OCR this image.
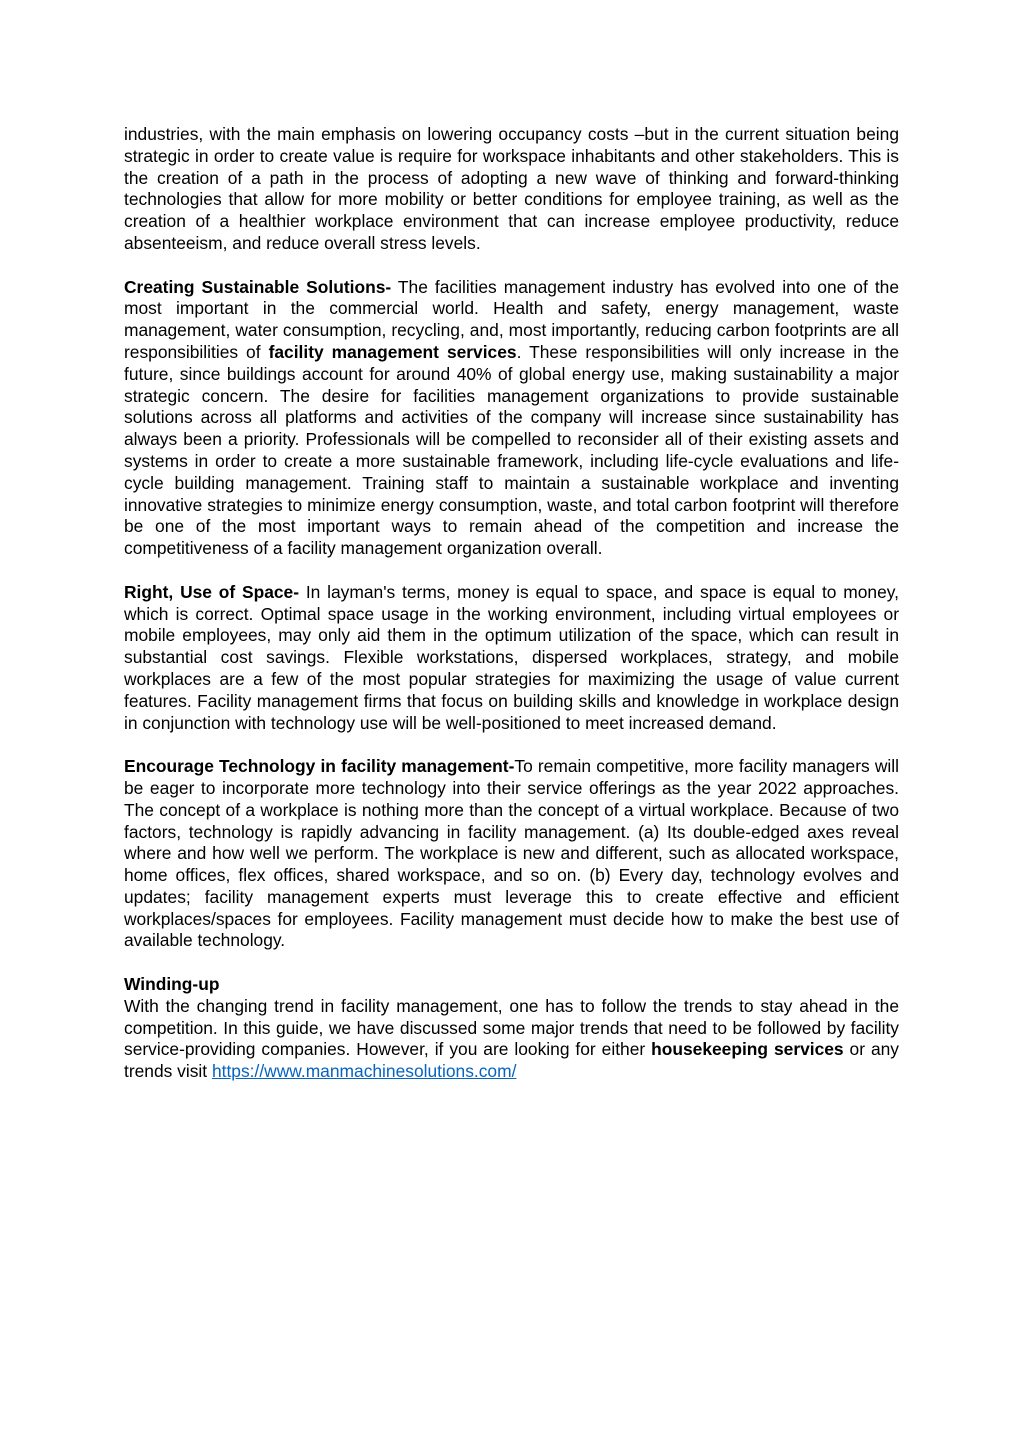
industries, with the main emphasis on lowering occupancy costs –but in the current situation being strategic in order to create value is require for workspace inhabitants and other stakeholders. This is the creation of a path in the process of adopting a new wave of thinking and forward-thinking technologies that allow for more mobility or better conditions for employee training, as well as the creation of a healthier workplace environment that can increase employee productivity, reduce absenteeism, and reduce overall stress levels.

Creating Sustainable Solutions- The facilities management industry has evolved into one of the most important in the commercial world. Health and safety, energy management, waste management, water consumption, recycling, and, most importantly, reducing carbon footprints are all responsibilities of facility management services. These responsibilities will only increase in the future, since buildings account for around 40% of global energy use, making sustainability a major strategic concern. The desire for facilities management organizations to provide sustainable solutions across all platforms and activities of the company will increase since sustainability has always been a priority. Professionals will be compelled to reconsider all of their existing assets and systems in order to create a more sustainable framework, including life-cycle evaluations and life-cycle building management. Training staff to maintain a sustainable workplace and inventing innovative strategies to minimize energy consumption, waste, and total carbon footprint will therefore be one of the most important ways to remain ahead of the competition and increase the competitiveness of a facility management organization overall.

Right, Use of Space- In layman's terms, money is equal to space, and space is equal to money, which is correct. Optimal space usage in the working environment, including virtual employees or mobile employees, may only aid them in the optimum utilization of the space, which can result in substantial cost savings. Flexible workstations, dispersed workplaces, strategy, and mobile workplaces are a few of the most popular strategies for maximizing the usage of value current features. Facility management firms that focus on building skills and knowledge in workplace design in conjunction with technology use will be well-positioned to meet increased demand.

Encourage Technology in facility management-To remain competitive, more facility managers will be eager to incorporate more technology into their service offerings as the year 2022 approaches. The concept of a workplace is nothing more than the concept of a virtual workplace. Because of two factors, technology is rapidly advancing in facility management. (a) Its double-edged axes reveal where and how well we perform. The workplace is new and different, such as allocated workspace, home offices, flex offices, shared workspace, and so on. (b) Every day, technology evolves and updates; facility management experts must leverage this to create effective and efficient workplaces/spaces for employees. Facility management must decide how to make the best use of available technology.

Winding-up

With the changing trend in facility management, one has to follow the trends to stay ahead in the competition. In this guide, we have discussed some major trends that need to be followed by facility service-providing companies. However, if you are looking for either housekeeping services or any trends visit https://www.manmachinesolutions.com/
